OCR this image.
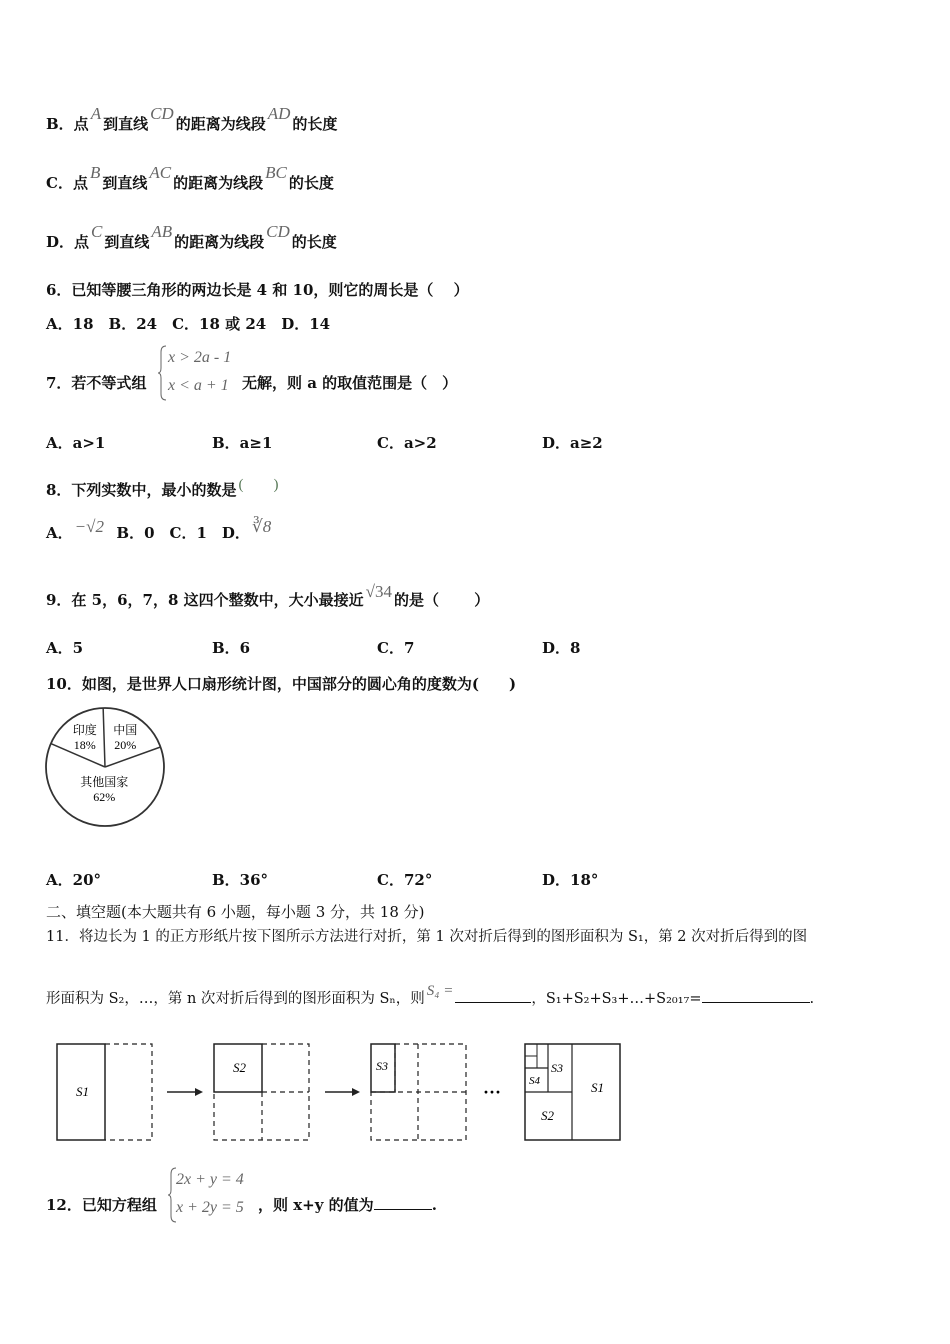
B．点A到直线CD的距离为线段AD的长度
C．点B到直线AC的距离为线段BC的长度
D．点C到直线AB的距离为线段CD的长度
6．已知等腰三角形的两边长是 4 和 10，则它的周长是（　 ）
A．18　B．24　C．18 或 24　D．14
7．若不等式组
x > 2a - 1
x < a + 1 无解，则 a 的取值范围是（　）
A．a>1	B．a≥1	C．a>2	D．a≥2
8．下列实数中，最小的数是 (　　)
A． −√2 B．0　C．1　D． ∛8
9．在 5，6，7，8 这四个整数中，大小最接近 √34 的是（　　 ）
A．5	B．6	C．7	D．8
10．如图，是世界人口扇形统计图，中国部分的圆心角的度数为(　　)
印度
18%
中国
20%
其他国家
62%
A．20°	B．36°	C．72°	D．18°
二、填空题(本大题共有 6 小题，每小题 3 分，共 18 分)
11．将边长为 1 的正方形纸片按下图所示方法进行对折，第 1 次对折后得到的图形面积为 S₁，第 2 次对折后得到的图
形面积为 S₂，…，第 n 次对折后得到的图形面积为 Sₙ，则 S₄ =	，S₁+S₂+S₃+…+S₂₀₁₇=	.
S1
S2	S3
···	S1
S2
S3
S4
12．已知方程组
2x + y = 4
x + 2y = 5 ，则 x+y 的值为	.
